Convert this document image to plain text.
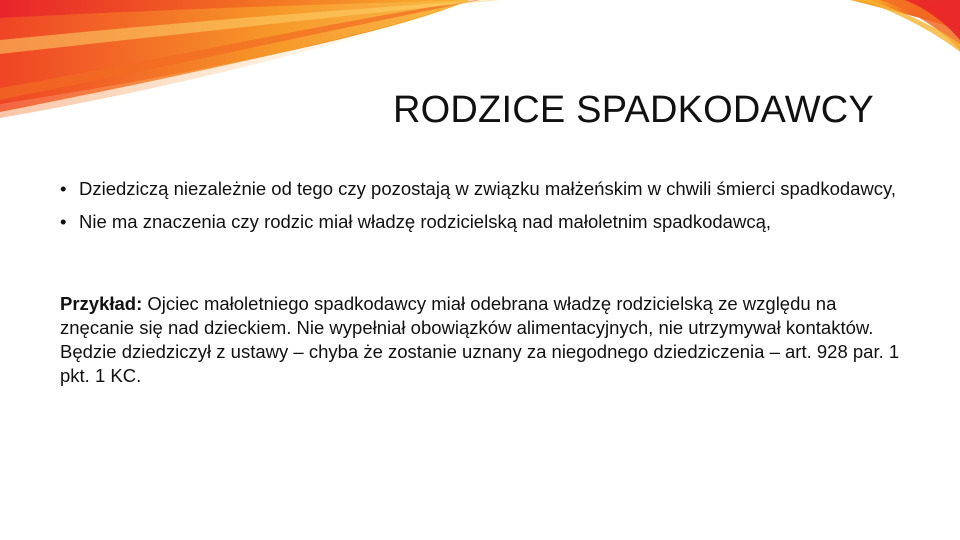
RODZICE SPADKODAWCY
• Dziedziczą niezależnie od tego czy pozostają w związku małżeńskim w chwili śmierci spadkodawcy,
• Nie ma znaczenia czy rodzic miał władzę rodzicielską nad małoletnim spadkodawcą,

Przykład: Ojciec małoletniego spadkodawcy miał odebrana władzę rodzicielską ze względu na znęcanie się nad dzieckiem. Nie wypełniał obowiązków alimentacyjnych, nie utrzymywał kontaktów. Będzie dziedziczył z ustawy – chyba że zostanie uznany za niegodnego dziedziczenia – art. 928 par. 1 pkt. 1 KC.
